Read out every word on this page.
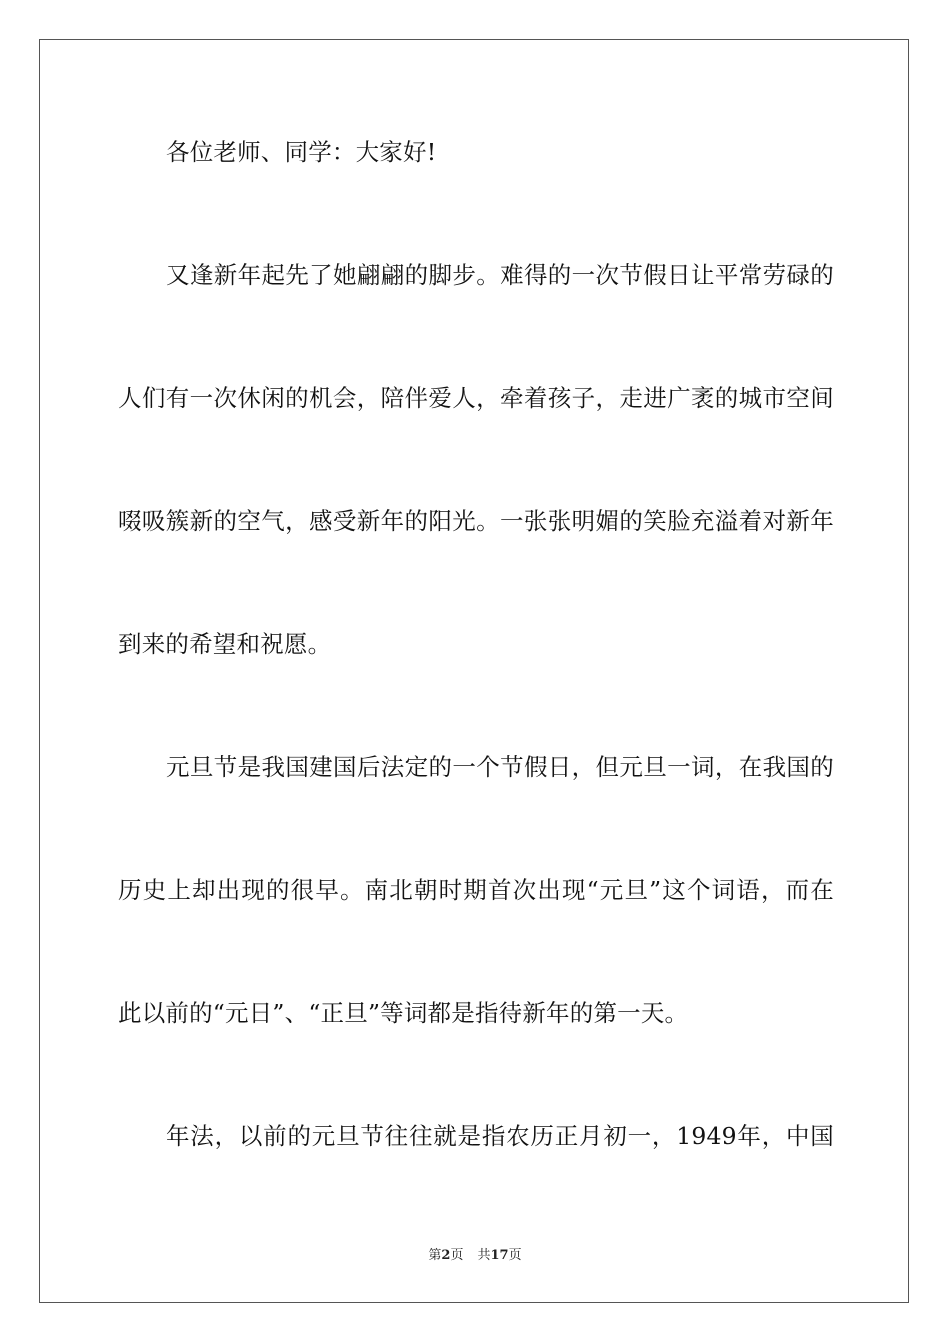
各位老师、同学：大家好!
又逢新年起先了她翩翩的脚步。难得的一次节假日让平常劳碌的
人们有一次休闲的机会，陪伴爱人，牵着孩子，走进广袤的城市空间
啜吸簇新的空气，感受新年的阳光。一张张明媚的笑脸充溢着对新年
到来的希望和祝愿。
元旦节是我国建国后法定的一个节假日，但元旦一词，在我国的
历史上却出现的很早。南北朝时期首次出现“元旦”这个词语，而在
此以前的“元日”、“正旦”等词都是指待新年的第一天。
年法，以前的元旦节往往就是指农历正月初一，1949年，中国
第2页 共17页
